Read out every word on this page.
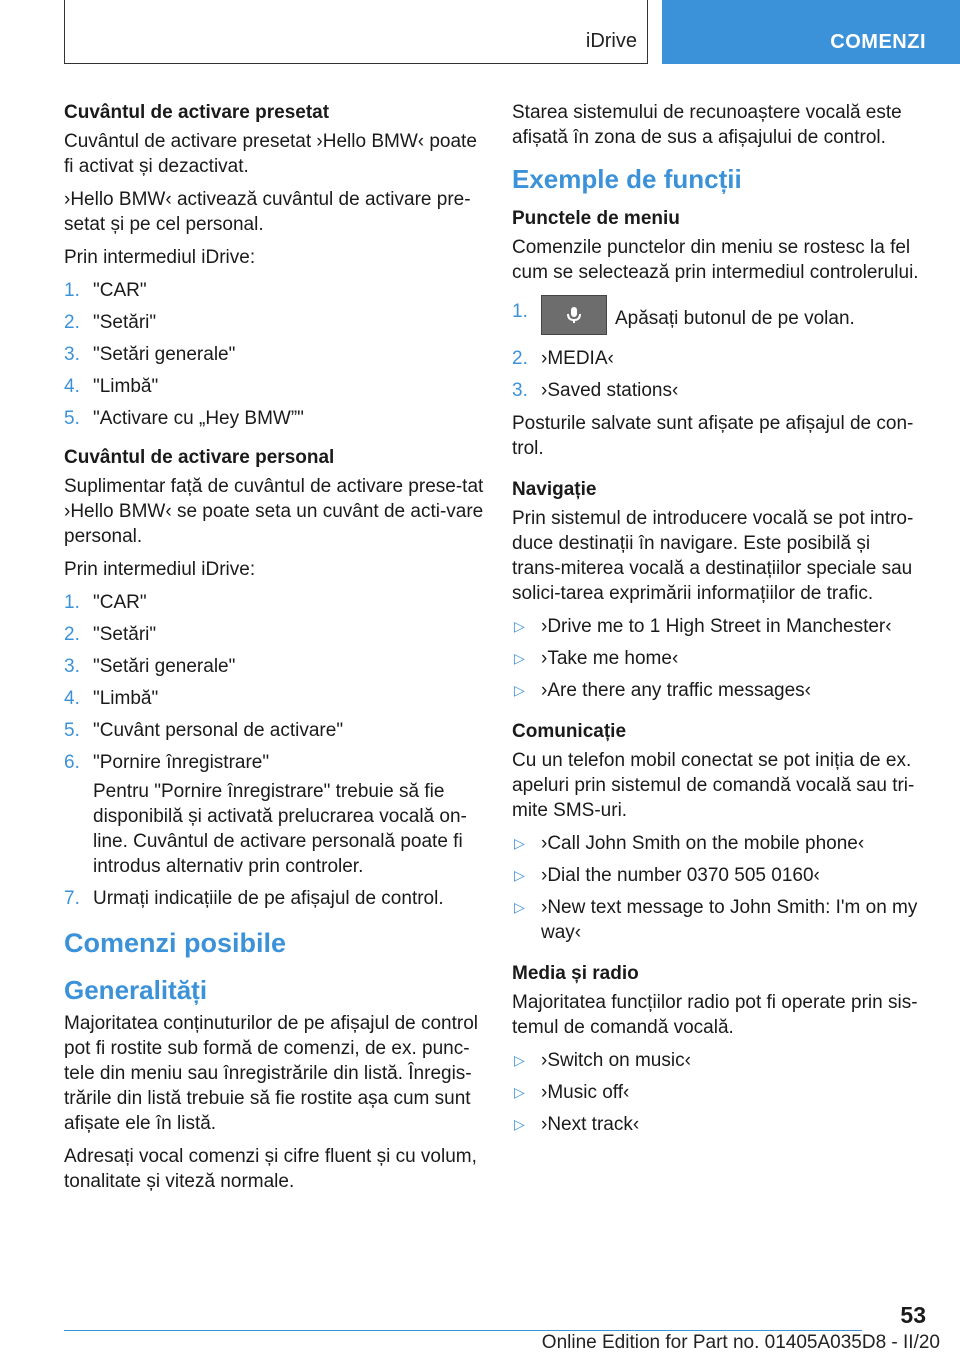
iDrive	COMENZI
Cuvântul de activare presetat

Cuvântul de activare presetat ›Hello BMW‹ poate fi activat și dezactivat.

›Hello BMW‹ activează cuvântul de activare pre-setat și pe cel personal.

Prin intermediul iDrive:

1. "CAR"
2. "Setări"
3. "Setări generale"
4. "Limbă"
5. "Activare cu „Hey BMW”"
Cuvântul de activare personal

Suplimentar față de cuvântul de activare prese-tat ›Hello BMW‹ se poate seta un cuvânt de acti-vare personal.

Prin intermediul iDrive:

1. "CAR"
2. "Setări"
3. "Setări generale"
4. "Limbă"
5. "Cuvânt personal de activare"
6. "Pornire înregistrare"
Pentru "Pornire înregistrare" trebuie să fie disponibilă și activată prelucrarea vocală on-line. Cuvântul de activare personală poate fi introdus alternativ prin controler.
7. Urmați indicațiile de pe afișajul de control.
Comenzi posibile
Generalități

Majoritatea conținuturilor de pe afișajul de control pot fi rostite sub formă de comenzi, de ex. punc-tele din meniu sau înregistrările din listă. Înregis-trările din listă trebuie să fie rostite așa cum sunt afișate ele în listă.

Adresați vocal comenzi și cifre fluent și cu volum, tonalitate și viteză normale.

Starea sistemului de recunoaștere vocală este afișată în zona de sus a afișajului de control.

Exemple de funcții
Punctele de meniu

Comenzile punctelor din meniu se rostesc la fel cum se selectează prin intermediul controlerului.

1.	Apăsați butonul de pe volan.
2. ›MEDIA‹
3. ›Saved stations‹

Posturile salvate sunt afișate pe afișajul de con-trol.

Navigație

Prin sistemul de introducere vocală se pot intro-duce destinații în navigare. Este posibilă și trans-miterea vocală a destinațiilor speciale sau solici-tarea exprimării informațiilor de trafic.

▷ ›Drive me to 1 High Street in Manchester‹
▷ ›Take me home‹
▷ ›Are there any traffic messages‹
Comunicație

Cu un telefon mobil conectat se pot iniția de ex. apeluri prin sistemul de comandă vocală sau tri-mite SMS-uri.

▷ ›Call John Smith on the mobile phone‹
▷ ›Dial the number 0370 505 0160‹
▷ ›New text message to John Smith: I'm on my way‹
Media și radio

Majoritatea funcțiilor radio pot fi operate prin sis-temul de comandă vocală.

▷ ›Switch on music‹
▷ ›Music off‹
▷ ›Next track‹
53
Online Edition for Part no. 01405A035D8 - II/20
